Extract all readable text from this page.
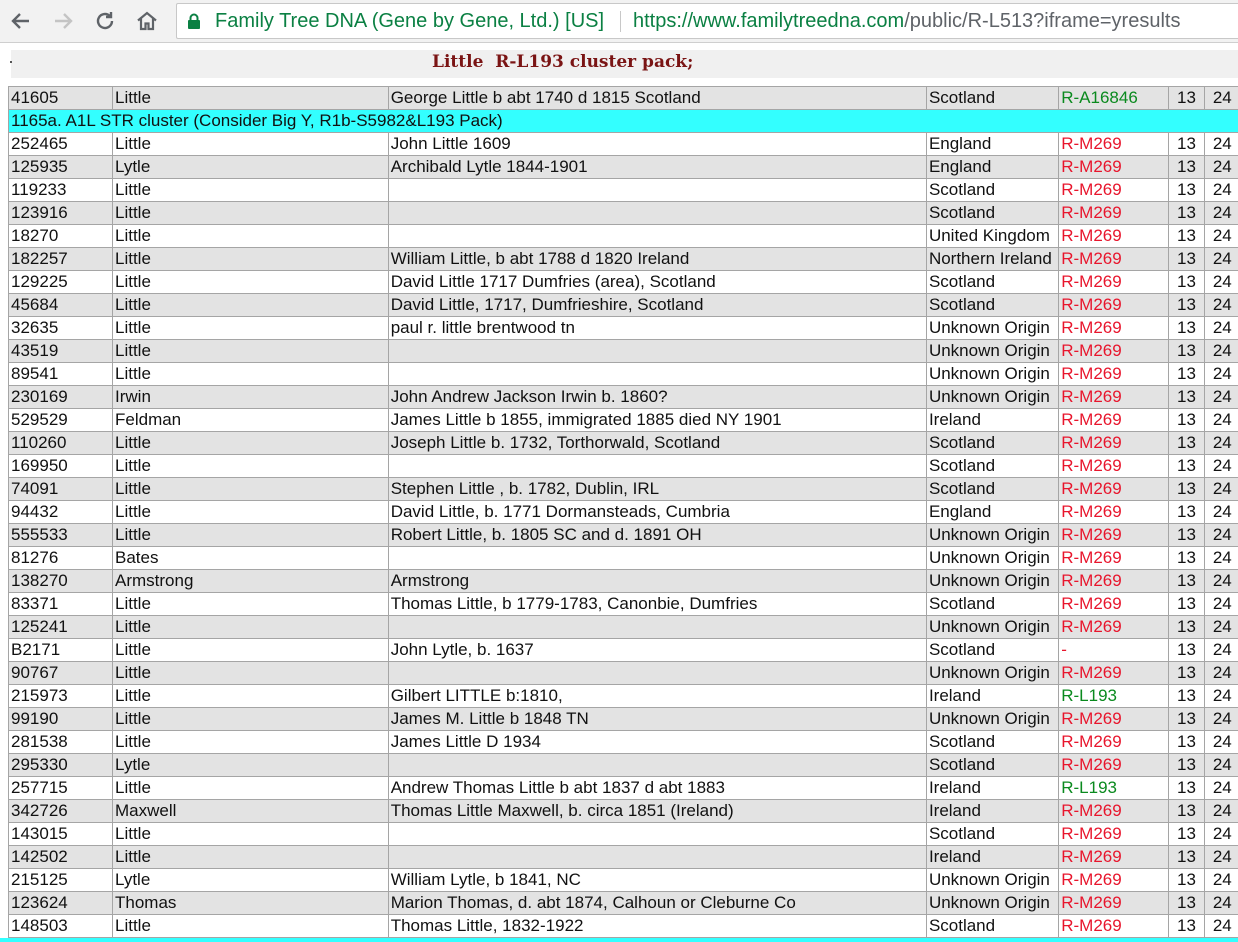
Family Tree DNA (Gene by Gene, Ltd.) [US] https://www.familytreedna.com/public/R-L513?iframe=yresults
Little  R-L193 cluster pack;
41605	Little	George Little b abt 1740 d 1815 Scotland	Scotland	R-A16846	13	24
1165a. A1L STR cluster (Consider Big Y, R1b-S5982&L193 Pack)						
252465	Little	John Little 1609	England	R-M269	13	24
125935	Lytle	Archibald Lytle 1844-1901	England	R-M269	13	24
119233	Little		Scotland	R-M269	13	24
123916	Little		Scotland	R-M269	13	24
18270	Little		United Kingdom	R-M269	13	24
182257	Little	William Little, b abt 1788 d 1820 Ireland	Northern Ireland	R-M269	13	24
129225	Little	David Little 1717 Dumfries (area), Scotland	Scotland	R-M269	13	24
45684	Little	David Little, 1717, Dumfrieshire, Scotland	Scotland	R-M269	13	24
32635	Little	paul r. little brentwood tn	Unknown Origin	R-M269	13	24
43519	Little		Unknown Origin	R-M269	13	24
89541	Little		Unknown Origin	R-M269	13	24
230169	Irwin	John Andrew Jackson Irwin b. 1860?	Unknown Origin	R-M269	13	24
529529	Feldman	James Little b 1855, immigrated 1885 died NY 1901	Ireland	R-M269	13	24
110260	Little	Joseph Little b. 1732, Torthorwald, Scotland	Scotland	R-M269	13	24
169950	Little		Scotland	R-M269	13	24
74091	Little	Stephen Little , b. 1782, Dublin, IRL	Scotland	R-M269	13	24
94432	Little	David Little, b. 1771 Dormansteads, Cumbria	England	R-M269	13	24
555533	Little	Robert Little, b. 1805 SC and d. 1891 OH	Unknown Origin	R-M269	13	24
81276	Bates		Unknown Origin	R-M269	13	24
138270	Armstrong	Armstrong	Unknown Origin	R-M269	13	24
83371	Little	Thomas Little, b 1779-1783, Canonbie, Dumfries	Scotland	R-M269	13	24
125241	Little		Unknown Origin	R-M269	13	24
B2171	Little	John Lytle, b. 1637	Scotland	-	13	24
90767	Little		Unknown Origin	R-M269	13	24
215973	Little	Gilbert LITTLE b:1810,	Ireland	R-L193	13	24
99190	Little	James M. Little b 1848 TN	Unknown Origin	R-M269	13	24
281538	Little	James Little D 1934	Scotland	R-M269	13	24
295330	Lytle		Scotland	R-M269	13	24
257715	Little	Andrew Thomas Little b abt 1837 d abt 1883	Ireland	R-L193	13	24
342726	Maxwell	Thomas Little Maxwell, b. circa 1851 (Ireland)	Ireland	R-M269	13	24
143015	Little		Scotland	R-M269	13	24
142502	Little		Ireland	R-M269	13	24
215125	Lytle	William Lytle, b 1841, NC	Unknown Origin	R-M269	13	24
123624	Thomas	Marion Thomas, d. abt 1874, Calhoun or Cleburne Co	Unknown Origin	R-M269	13	24
148503	Little	Thomas Little, 1832-1922	Scotland	R-M269	13	24
